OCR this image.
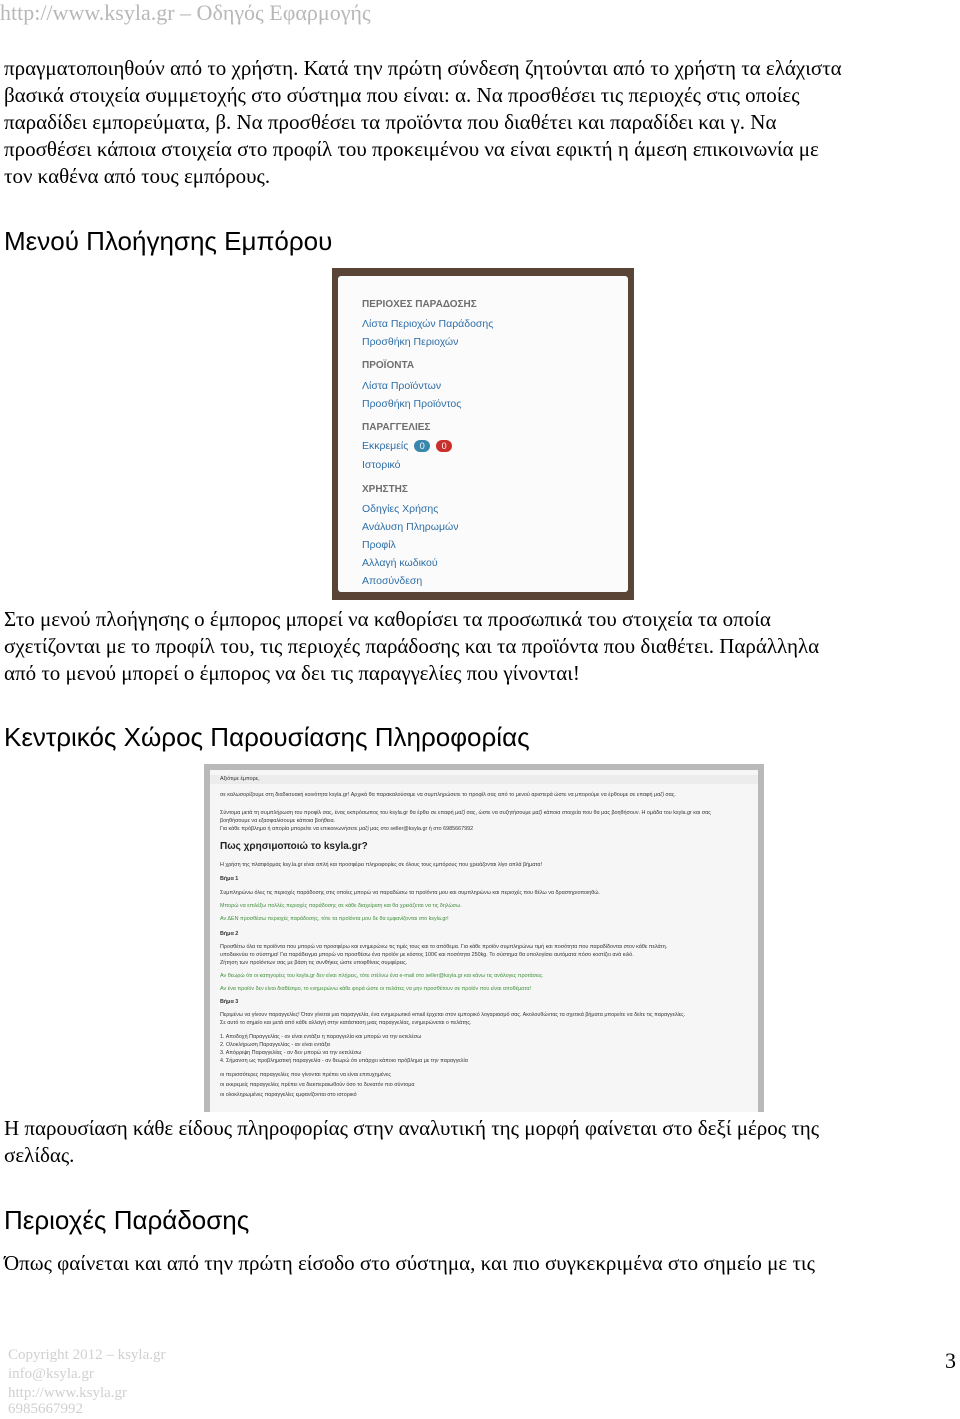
http://www.ksyla.gr – Οδηγός Εφαρμογής

πραγματοποιηθούν από το χρήστη. Κατά την πρώτη σύνδεση ζητούνται από το χρήστη τα ελάχιστα

βασικά στοιχεία συμμετοχής στο σύστημα που είναι: α. Να προσθέσει τις περιοχές στις οποίες

παραδίδει εμπορεύματα, β. Να προσθέσει τα προϊόντα που διαθέτει και παραδίδει και γ. Να

προσθέσει κάποια στοιχεία στο προφίλ του προκειμένου να είναι εφικτή η άμεση επικοινωνία με

τον καθένα από τους εμπόρους.

Μενού Πλοήγησης Εμπόρου
ΠΕΡΙΟΧΕΣ ΠΑΡΑΔΟΣΗΣ
Λίστα Περιοχών Παράδοσης
Προσθήκη Περιοχών
ΠΡΟΪΟΝΤΑ
Λίστα Προϊόντων
Προσθήκη Προϊόντος
ΠΑΡΑΓΓΕΛΙΕΣ
Εκκρεμείς 0 0
Ιστορικό
ΧΡΗΣΤΗΣ
Οδηγίες Χρήσης
Ανάλυση Πληρωμών
Προφίλ
Αλλαγή κωδικού
Αποσύνδεση

Στο μενού πλοήγησης ο έμπορος μπορεί να καθορίσει τα προσωπικά του στοιχεία τα οποία

σχετίζονται με το προφίλ του, τις περιοχές παράδοσης και τα προϊόντα που διαθέτει. Παράλληλα

από το μενού μπορεί ο έμπορος να δει τις παραγγελίες που γίνονται!

Κεντρικός Χώρος Παρουσίασης Πληροφορίας
Αξιότιμε έμπορε,
σε καλωσορίζουμε στη διαδικτυακή κοινότητα ksyla.gr! Αρχικά θα παρακαλούσαμε να συμπληρώσετε το προφίλ σας από το μενού αριστερά ώστε να μπορούμε να έρθουμε σε επαφή μαζί σας.
Σύντομα μετά τη συμπλήρωση του προφίλ σας, ένας εκπρόσωπος του ksyla.gr θα έρθει σε επαφή μαζί σας, ώστε να συζητήσουμε μαζί κάποια στοιχεία που θα μας βοηθήσουν. Η ομάδα του ksyla.gr και σας
βοηθήσουμε να εξασφαλίσουμε κάποια βοήθεια.
Για κάθε πρόβλημα ή απορία μπορείτε να επικοινωνήσετε μαζί μας στο seller@ksyla.gr ή στο 6985667992
Πως χρησιμοποιώ το ksyla.gr?
Η χρήση της πλατφόρμας ksy.la.gr είναι απλή και προσφέρει πληροφορίες σε όλους τους εμπόρους που χρειάζονται λίγο απλά βήματα!
Βήμα 1
Συμπληρώνω όλες τις περιοχές παράδοσης στις οποίες μπορώ να παραδώσω τα προϊόντα μου και συμπληρώνω και περιοχές που θέλω να δραστηριοποιηθώ.
Μπορώ να επιλέξω πολλές περιοχές παράδοσης σε κάθε διαχείριση και θα χρειάζεται να τις δηλώσω.
Αν ΔΕΝ προσθέσω περιοχές παράδοσης, τότε τα προϊόντα μου δε θα εμφανίζονται στο ksyla.gr!
Βήμα 2
Προσθέτω όλα τα προϊόντα που μπορώ να προσφέρω και ενημερώνω τις τιμές τους και το απόθεμα. Για κάθε προϊόν συμπληρώνω τιμή και ποσότητα που παραδίδονται στον κάθε πελάτη.
υποδεικνύει το σύστημα! Για παράδειγμα μπορώ να προσθέσω ένα προϊόν με κόστος 100€ και ποσότητα 250kg. Το σύστημα θα υπολογίσει αυτόματα πόσο κοστίζει ανά κιλό.
Ζήτηση των προϊόντων σας με βάση τις συνθήκες ώστε υποφθίνεις συμφέρεις.
Αν θεωρώ ότι οι κατηγορίες του ksyla.gr δεν είναι πλήρεις, τότε στέλνω ένα e-mail στο seller@ksyla.gr και κάνω τις ανάλογες προτάσεις.
Αν ένα προϊόν δεν είναι διαθέσιμο, το ενημερώνω κάθε φορά ώστε οι πελάτες να μην προσθέτουν σε προϊόν που είναι αποθέματα!
Βήμα 3
Περιμένω να γίνουν παραγγελίες! Όταν γίνεται μια παραγγελία, ένα ενημερωτικό email έρχεται στον εμπορικό λογαριασμό σας. Ακολουθώντας τα σχετικά βήματα μπορείτε να δείτε τις παραγγελίες.
Σε αυτό το σημείο και μετά από κάθε αλλαγή στην κατάσταση μιας παραγγελίας, ενημερώνεται ο πελάτης.
1. Αποδοχή Παραγγελίας - αν είναι εντάξει η παραγγελία και μπορώ να την εκτελέσω
2. Ολοκλήρωση Παραγγελίας - αν είναι εντάξει
3. Απόρριψη Παραγγελίας - αν δεν μπορώ να την εκτελέσω
4. Σήμανση ως προβληματική παραγγελία - αν θεωρώ ότι υπάρχει κάποιο πρόβλημα με την παραγγελία
οι περισσότερες παραγγελίες που γίνονται πρέπει να είναι επιτυχημένες
οι εκκρεμείς παραγγελίες πρέπει να διεκπεραιωθούν όσο το δυνατόν πιο σύντομα
οι ολοκληρωμένες παραγγελίες εμφανίζονται στο ιστορικό

Η παρουσίαση κάθε είδους πληροφορίας στην αναλυτική της μορφή φαίνεται στο δεξί μέρος της

σελίδας.

Περιοχές Παράδοσης

Όπως φαίνεται και από την πρώτη είσοδο στο σύστημα, και πιο συγκεκριμένα στο σημείο με τις

Copyright 2012 – ksyla.gr
info@ksyla.gr
http://www.ksyla.gr
6985667992
3
